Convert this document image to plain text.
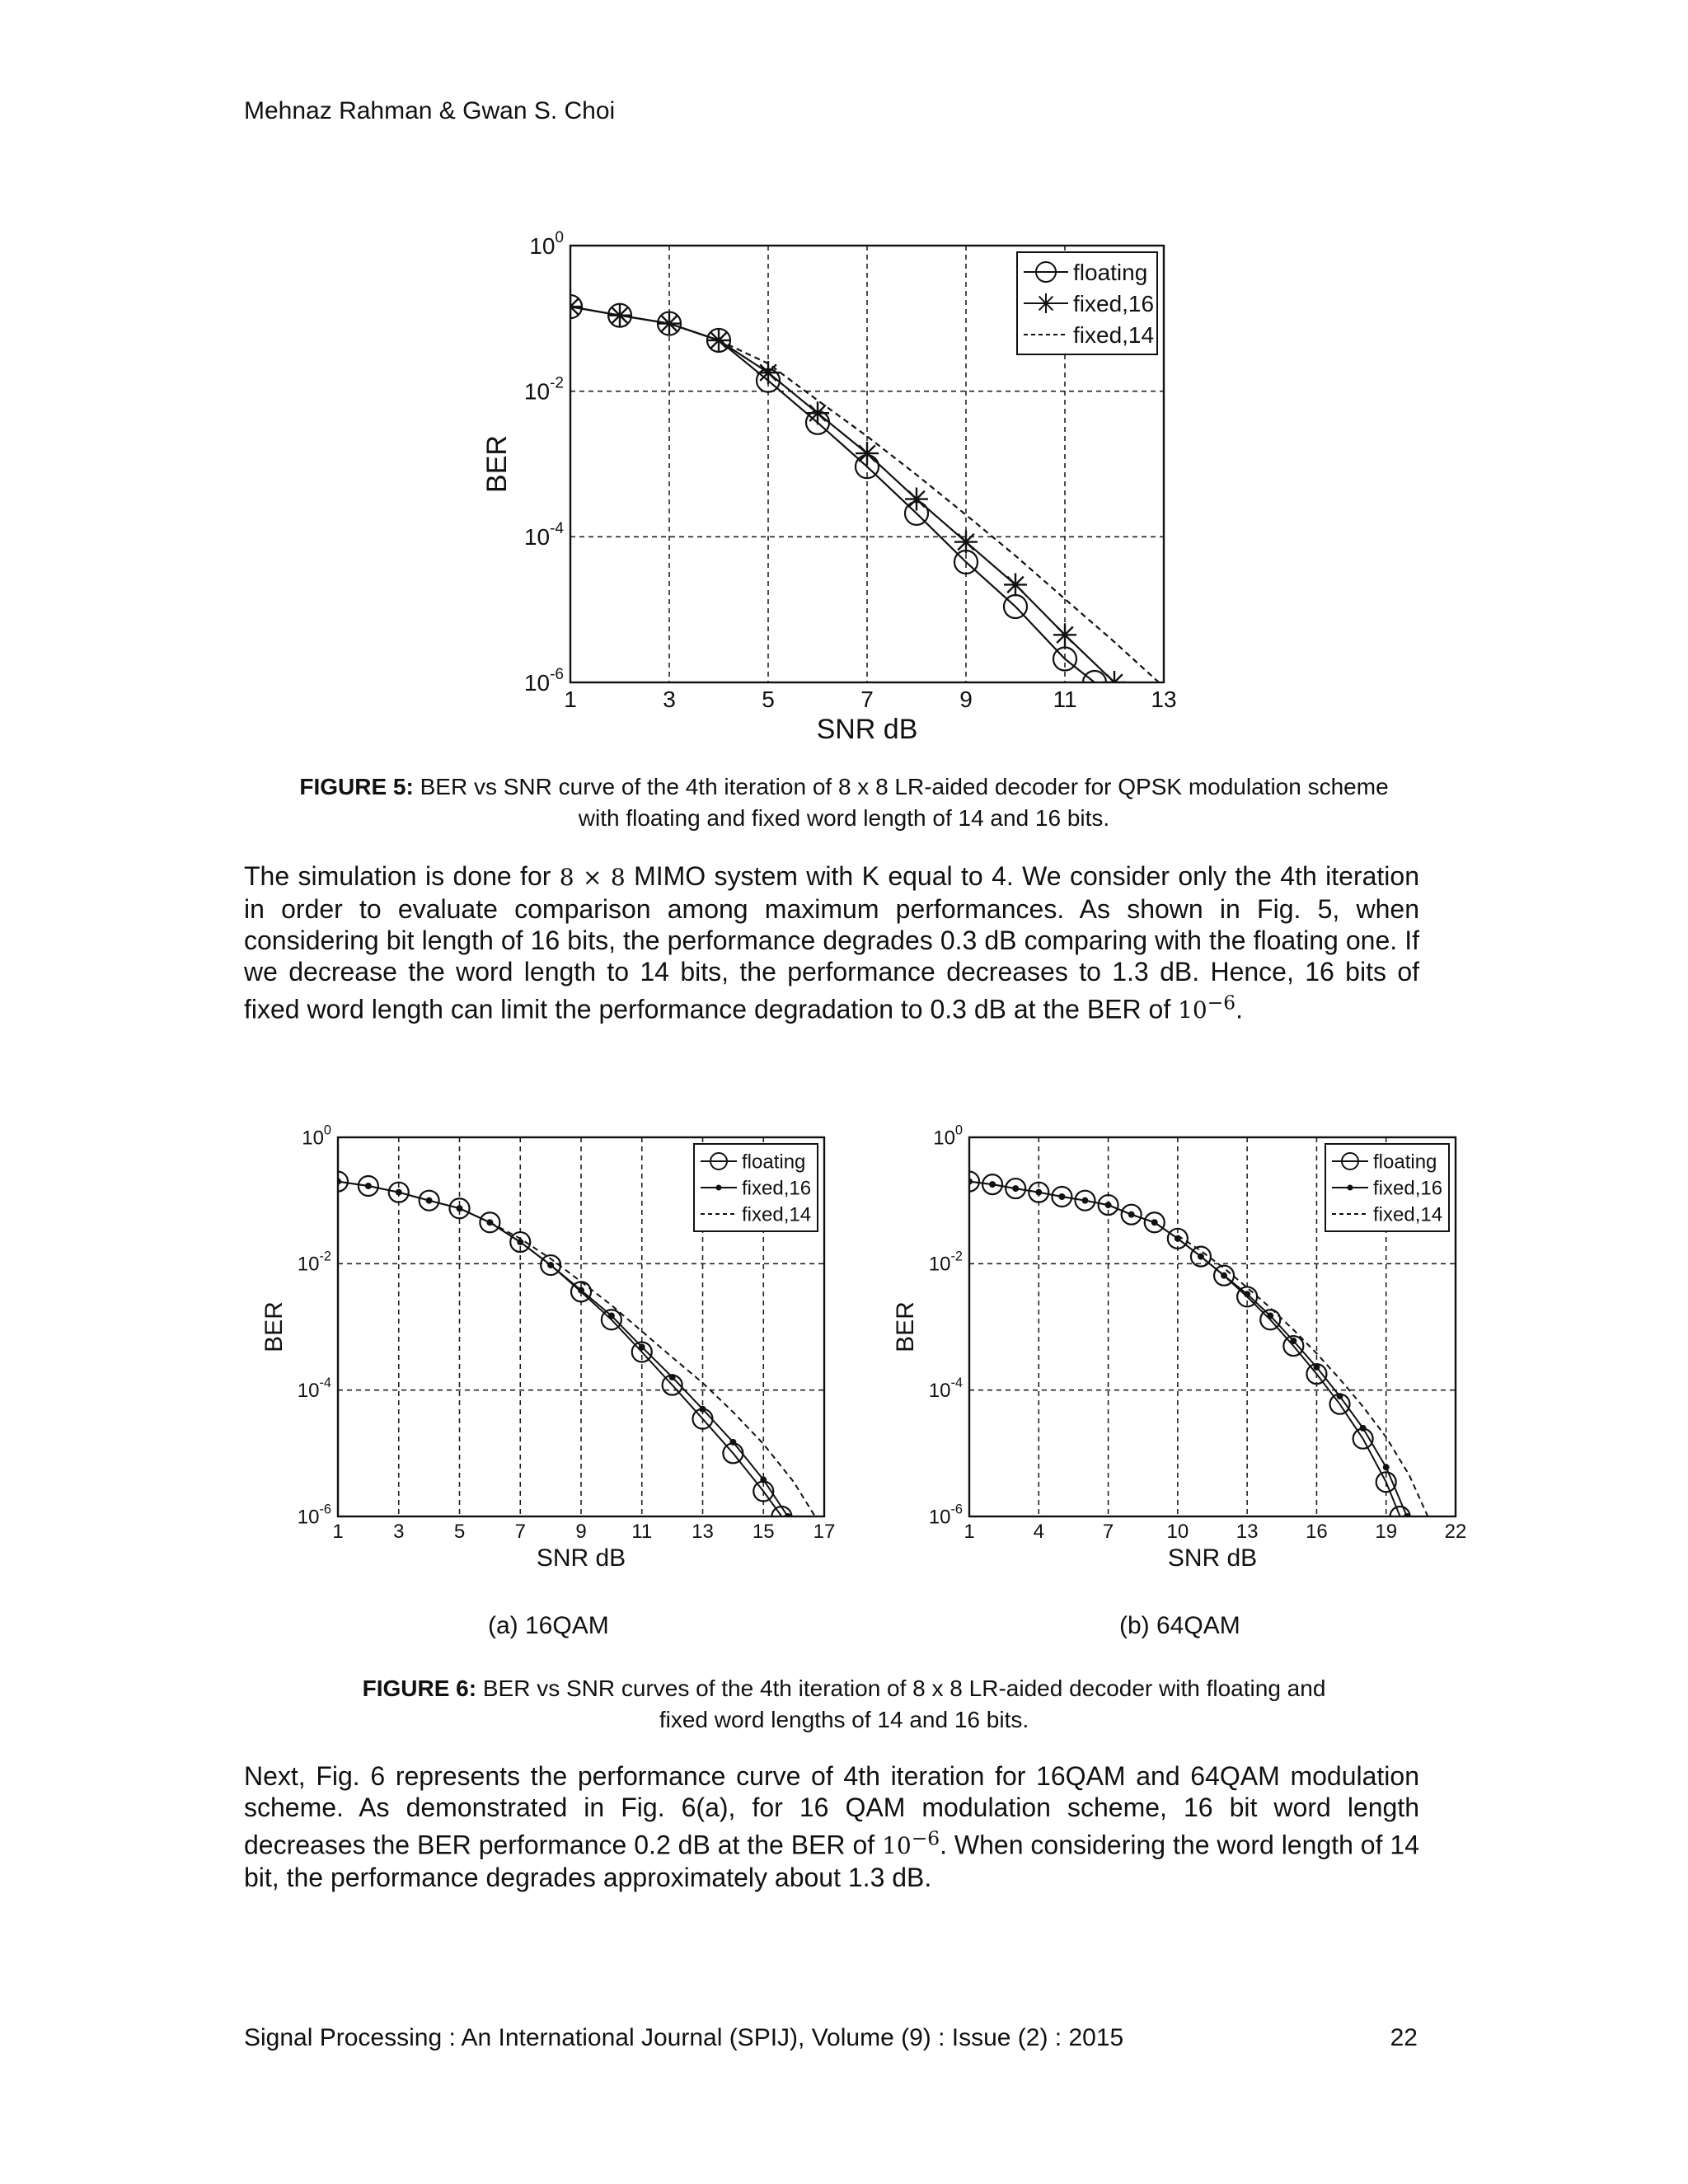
Mehnaz Rahman & Gwan S. Choi
1	3	5	7	9	11	13
$10^0$
$10^{-2}$
$10^{-4}$
$10^{-6}$
SNR dB
BER
floating
fixed,16
fixed,14
FIGURE 5: BER vs SNR curve of the 4th iteration of 8 x 8 LR-aided decoder for QPSK modulation scheme
with floating and fixed word length of 14 and 16 bits.

The simulation is done for 8 × 8 MIMO system with K equal to 4. We consider only the 4th iteration in order to evaluate comparison among maximum performances. As shown in Fig. 5, when considering bit length of 16 bits, the performance degrades 0.3 dB comparing with the floating one. If we decrease the word length to 14 bits, the performance decreases to 1.3 dB. Hence, 16 bits of fixed word length can limit the performance degradation to 0.3 dB at the BER of $10^{-6}$.

1	3	5	7	9 11 13 15 17
$10^0$
$10^{-2}$
$10^{-4}$
$10^{-6}$
SNR dB
BER
floating
fixed,16
fixed,14
1	4	7	10 13 16 19 22
$10^0$
$10^{-2}$
$10^{-4}$
$10^{-6}$
SNR dB
BER
floating
fixed,16
fixed,14
(a) 16QAM	(b) 64QAM
FIGURE 6: BER vs SNR curves of the 4th iteration of 8 x 8 LR-aided decoder with floating and
fixed word lengths of 14 and 16 bits.

Next, Fig. 6 represents the performance curve of 4th iteration for 16QAM and 64QAM modulation scheme. As demonstrated in Fig. 6(a), for 16 QAM modulation scheme, 16 bit word length decreases the BER performance 0.2 dB at the BER of $10^{-6}$. When considering the word length of 14 bit, the performance degrades approximately about 1.3 dB.

Signal Processing : An International Journal (SPIJ), Volume (9) : Issue (2) : 2015	22
